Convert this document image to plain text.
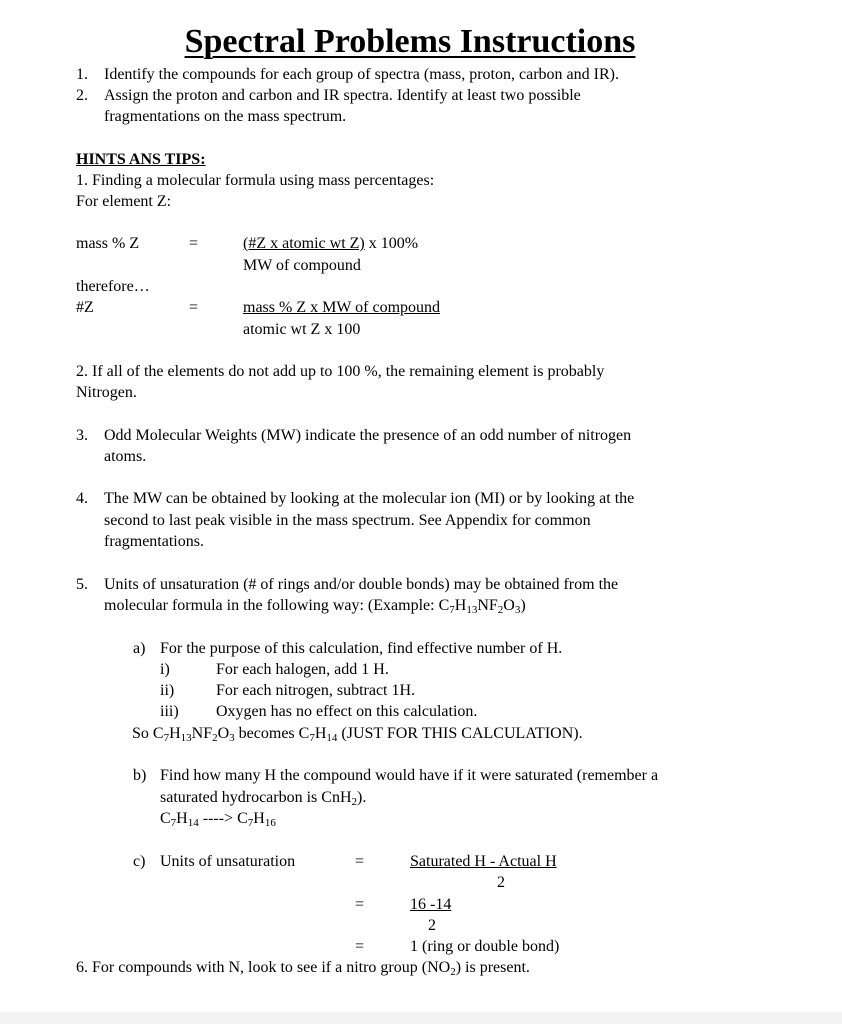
Spectral Problems Instructions
1. Identify the compounds for each group of spectra (mass, proton, carbon and IR).
2. Assign the proton and carbon and IR spectra. Identify at least two possible
fragmentations on the mass spectrum.
HINTS ANS TIPS:
1. Finding a molecular formula using mass percentages:
For element Z:
mass % Z	=	(#Z x atomic wt Z) x 100%
MW of compound
therefore…
#Z	=	mass % Z x MW of compound
atomic wt Z x 100
2. If all of the elements do not add up to 100 %, the remaining element is probably
Nitrogen.
3. Odd Molecular Weights (MW) indicate the presence of an odd number of nitrogen
atoms.
4. The MW can be obtained by looking at the molecular ion (MI) or by looking at the
second to last peak visible in the mass spectrum. See Appendix for common
fragmentations.
5. Units of unsaturation (# of rings and/or double bonds) may be obtained from the
molecular formula in the following way: (Example: $C_7H_{13}NF_2O_3$)
a) For the purpose of this calculation, find effective number of H.
i)	For each halogen, add 1 H.
ii)	For each nitrogen, subtract 1H.
iii) Oxygen has no effect on this calculation.
So $C_7H_{13}NF_2O_3$ becomes $C_7H_{14}$ (JUST FOR THIS CALCULATION).
b) Find how many H the compound would have if it were saturated (remember a
saturated hydrocarbon is CnH$_2$).
$C_7H_{14}$ ----> $C_7H_{16}$
c) Units of unsaturation	=	Saturated H - Actual H
2
=	16 -14
2
=	1 (ring or double bond)
6. For compounds with N, look to see if a nitro group $(NO_2)$ is present.
